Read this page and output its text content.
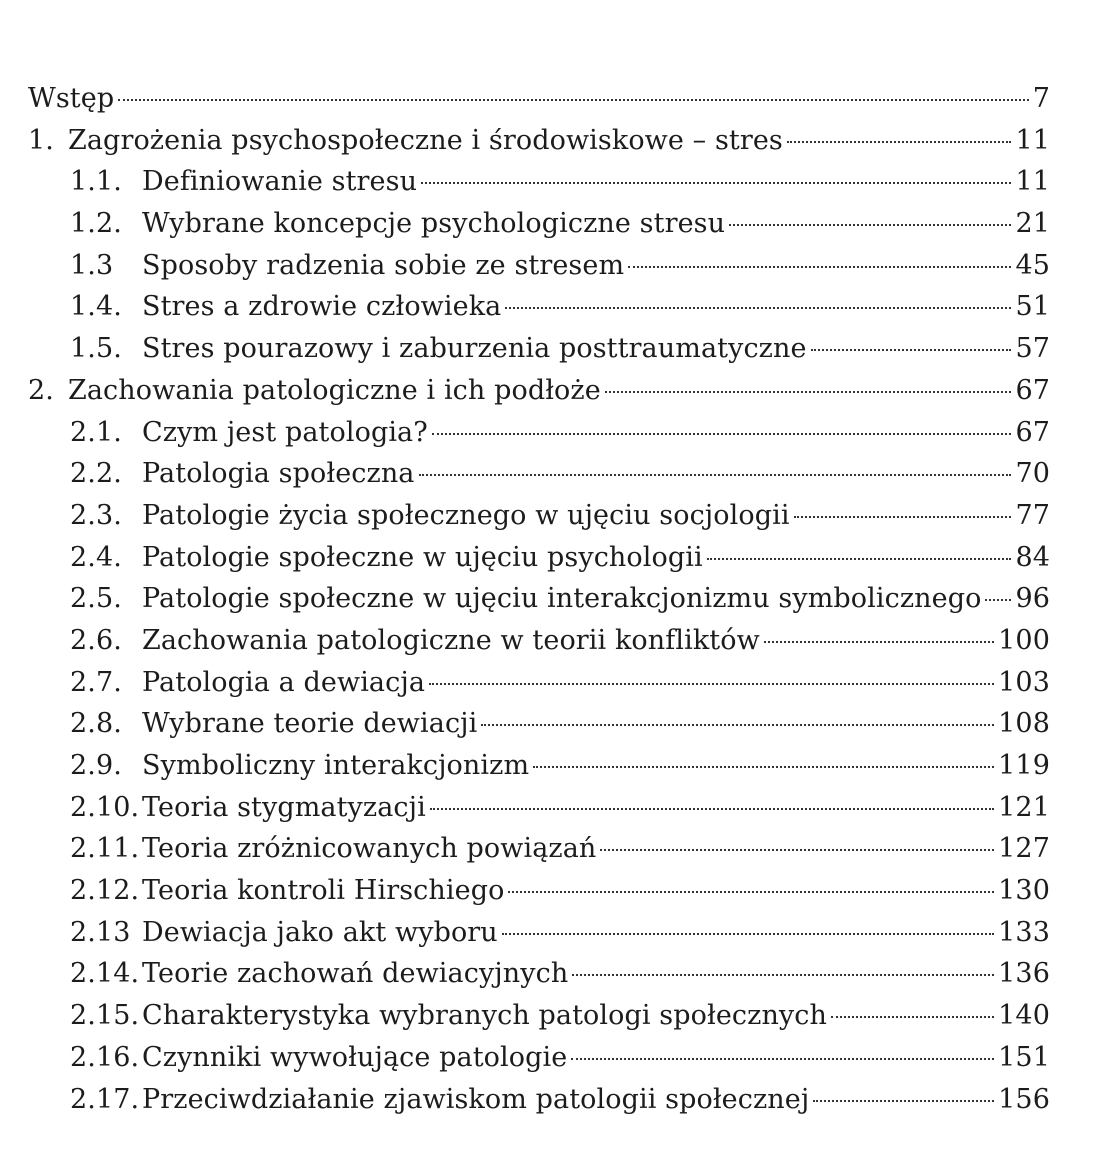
Wstęp	7
1. Zagrożenia psychospołeczne i środowiskowe – stres	11
1.1. Definiowanie stresu	11
1.2. Wybrane koncepcje psychologiczne stresu	21
1.3	Sposoby radzenia sobie ze stresem	45
1.4. Stres a zdrowie człowieka	51
1.5. Stres pourazowy i zaburzenia posttraumatyczne	57
2. Zachowania patologiczne i ich podłoże	67
2.1. Czym jest patologia?	67
2.2. Patologia społeczna	70
2.3. Patologie życia społecznego w ujęciu socjologii	77
2.4. Patologie społeczne w ujęciu psychologii	84
2.5. Patologie społeczne w ujęciu interakcjonizmu symbolicznego 96
2.6. Zachowania patologiczne w teorii konfliktów	100
2.7. Patologia a dewiacja	103
2.8. Wybrane teorie dewiacji	108
2.9. Symboliczny interakcjonizm	119
2.10. Teoria stygmatyzacji	121
2.11. Teoria zróżnicowanych powiązań	127
2.12. Teoria kontroli Hirschiego	130
2.13 Dewiacja jako akt wyboru	133
2.14. Teorie zachowań dewiacyjnych	136
2.15. Charakterystyka wybranych patologi społecznych	140
2.16. Czynniki wywołujące patologie	151
2.17. Przeciwdziałanie zjawiskom patologii społecznej	156
